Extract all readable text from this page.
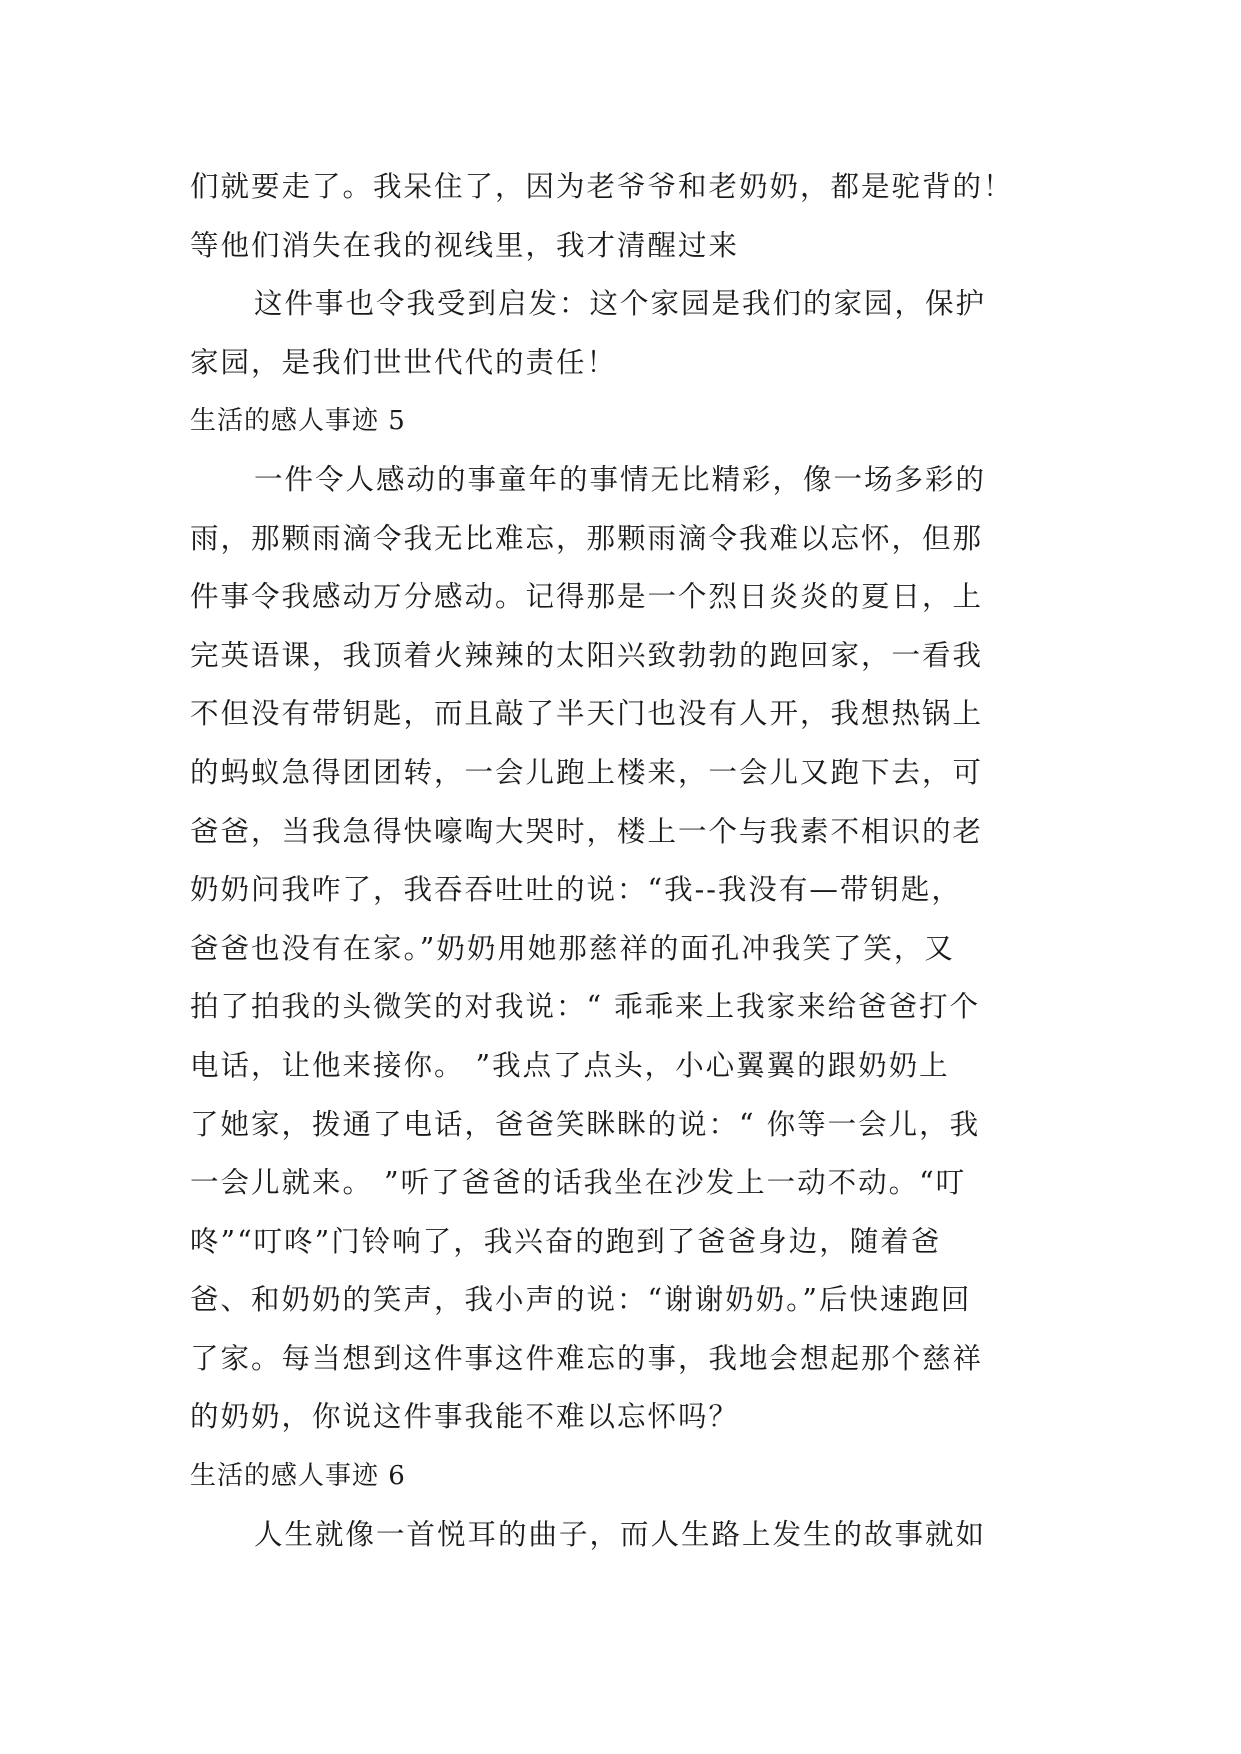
们就要走了。我呆住了，因为老爷爷和老奶奶，都是驼背的！
等他们消失在我的视线里，我才清醒过来
这件事也令我受到启发：这个家园是我们的家园，保护
家园，是我们世世代代的责任！
生活的感人事迹 5
一件令人感动的事童年的事情无比精彩，像一场多彩的
雨，那颗雨滴令我无比难忘，那颗雨滴令我难以忘怀，但那
件事令我感动万分感动。记得那是一个烈日炎炎的夏日，上
完英语课，我顶着火辣辣的太阳兴致勃勃的跑回家，一看我
不但没有带钥匙，而且敲了半天门也没有人开，我想热锅上
的蚂蚁急得团团转，一会儿跑上楼来，一会儿又跑下去，可
爸爸，当我急得快嚎啕大哭时，楼上一个与我素不相识的老
奶奶问我咋了，我吞吞吐吐的说：“我--我没有—带钥匙，
爸爸也没有在家。”奶奶用她那慈祥的面孔冲我笑了笑，又
拍了拍我的头微笑的对我说：“ 乖乖来上我家来给爸爸打个
电话，让他来接你。 ”我点了点头，小心翼翼的跟奶奶上
了她家，拨通了电话，爸爸笑眯眯的说：“ 你等一会儿，我
一会儿就来。 ”听了爸爸的话我坐在沙发上一动不动。“叮
咚”“叮咚”门铃响了，我兴奋的跑到了爸爸身边，随着爸
爸、和奶奶的笑声，我小声的说：“谢谢奶奶。”后快速跑回
了家。每当想到这件事这件难忘的事，我地会想起那个慈祥
的奶奶，你说这件事我能不难以忘怀吗？
生活的感人事迹 6
人生就像一首悦耳的曲子，而人生路上发生的故事就如
